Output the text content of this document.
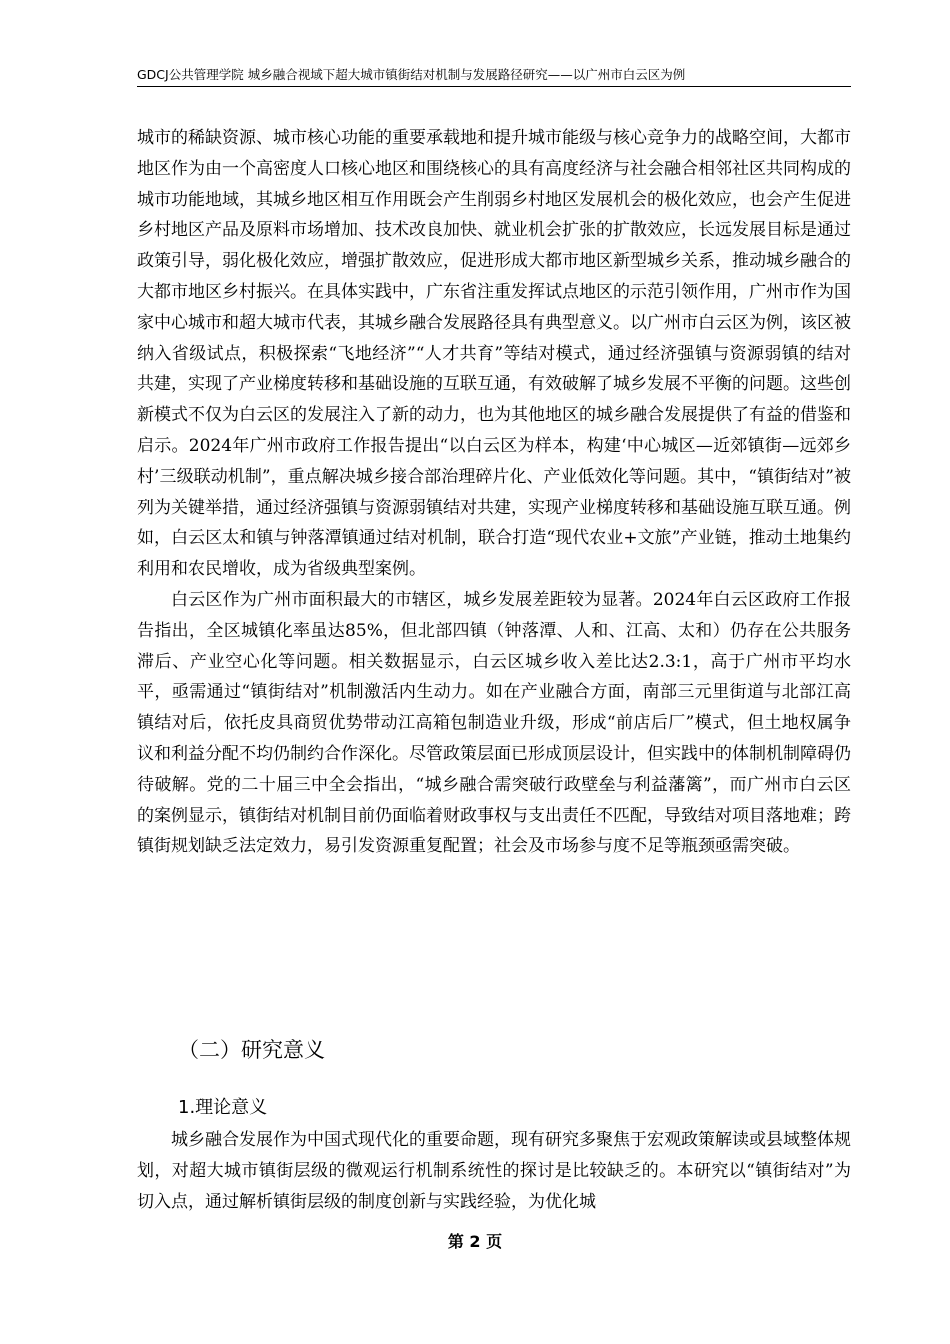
GDCJ公共管理学院 城乡融合视域下超大城市镇街结对机制与发展路径研究——以广州市白云区为例

城市的稀缺资源、城市核心功能的重要承载地和提升城市能级与核心竞争力的战略空间，大都市地区作为由一个高密度人口核心地区和围绕核心的具有高度经济与社会融合相邻社区共同构成的城市功能地域，其城乡地区相互作用既会产生削弱乡村地区发展机会的极化效应，也会产生促进乡村地区产品及原料市场增加、技术改良加快、就业机会扩张的扩散效应，长远发展目标是通过政策引导，弱化极化效应，增强扩散效应，促进形成大都市地区新型城乡关系，推动城乡融合的大都市地区乡村振兴。在具体实践中，广东省注重发挥试点地区的示范引领作用，广州市作为国家中心城市和超大城市代表，其城乡融合发展路径具有典型意义。以广州市白云区为例，该区被纳入省级试点，积极探索“飞地经济”“人才共育”等结对模式，通过经济强镇与资源弱镇的结对共建，实现了产业梯度转移和基础设施的互联互通，有效破解了城乡发展不平衡的问题。这些创新模式不仅为白云区的发展注入了新的动力，也为其他地区的城乡融合发展提供了有益的借鉴和启示。2024年广州市政府工作报告提出“以白云区为样本，构建‘中心城区—近郊镇街—远郊乡村’三级联动机制”，重点解决城乡接合部治理碎片化、产业低效化等问题。其中，“镇街结对”被列为关键举措，通过经济强镇与资源弱镇结对共建，实现产业梯度转移和基础设施互联互通。例如，白云区太和镇与钟落潭镇通过结对机制，联合打造“现代农业+文旅”产业链，推动土地集约利用和农民增收，成为省级典型案例。

白云区作为广州市面积最大的市辖区，城乡发展差距较为显著。2024年白云区政府工作报告指出，全区城镇化率虽达85%，但北部四镇（钟落潭、人和、江高、太和）仍存在公共服务滞后、产业空心化等问题。相关数据显示，白云区城乡收入差比达2.3:1，高于广州市平均水平，亟需通过“镇街结对”机制激活内生动力。如在产业融合方面，南部三元里街道与北部江高镇结对后，依托皮具商贸优势带动江高箱包制造业升级，形成“前店后厂”模式，但土地权属争议和利益分配不均仍制约合作深化。尽管政策层面已形成顶层设计，但实践中的体制机制障碍仍待破解。党的二十届三中全会指出，“城乡融合需突破行政壁垒与利益藩篱”，而广州市白云区的案例显示，镇街结对机制目前仍面临着财政事权与支出责任不匹配，导致结对项目落地难；跨镇街规划缺乏法定效力，易引发资源重复配置；社会及市场参与度不足等瓶颈亟需突破。

（二）研究意义
1.理论意义

城乡融合发展作为中国式现代化的重要命题，现有研究多聚焦于宏观政策解读或县域整体规划，对超大城市镇街层级的微观运行机制系统性的探讨是比较缺乏的。本研究以“镇街结对”为切入点，通过解析镇街层级的制度创新与实践经验，为优化城

第 2 页
